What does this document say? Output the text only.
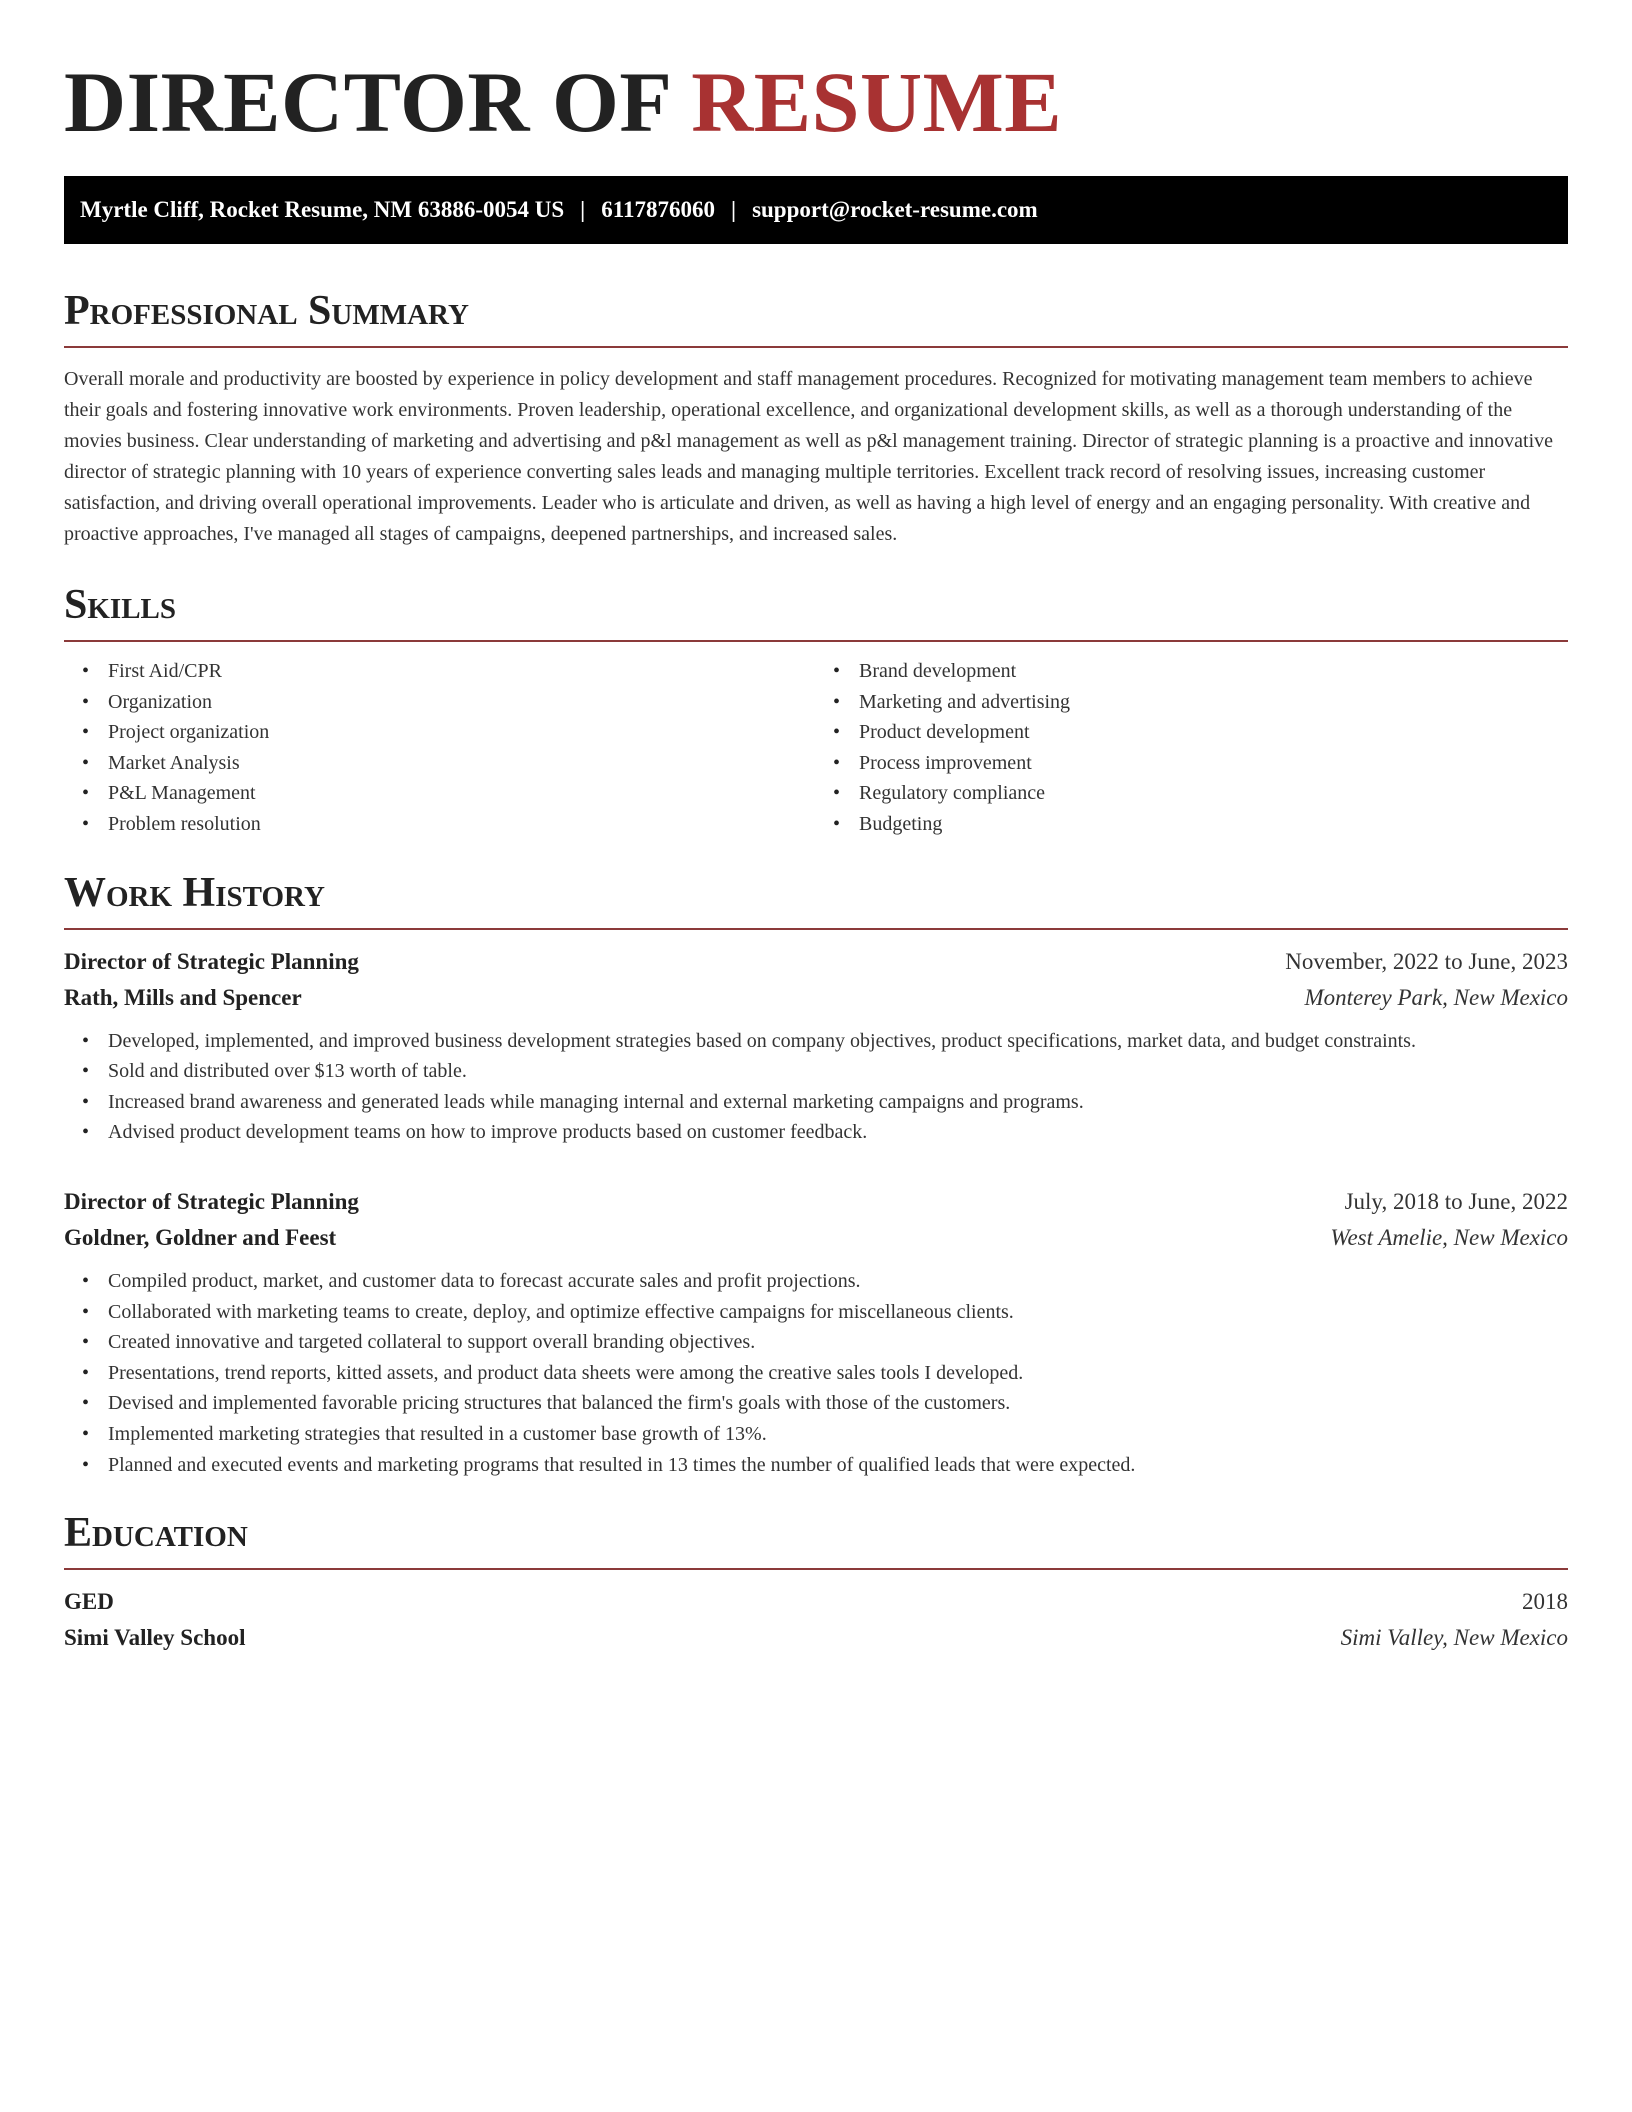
DIRECTOR OF RESUME
Myrtle Cliff, Rocket Resume, NM 63886-0054 US | 6117876060 | support@rocket-resume.com
Professional Summary
Overall morale and productivity are boosted by experience in policy development and staff management procedures. Recognized for motivating management team members to achieve their goals and fostering innovative work environments. Proven leadership, operational excellence, and organizational development skills, as well as a thorough understanding of the movies business. Clear understanding of marketing and advertising and p&l management as well as p&l management training. Director of strategic planning is a proactive and innovative director of strategic planning with 10 years of experience converting sales leads and managing multiple territories. Excellent track record of resolving issues, increasing customer satisfaction, and driving overall operational improvements. Leader who is articulate and driven, as well as having a high level of energy and an engaging personality. With creative and proactive approaches, I've managed all stages of campaigns, deepened partnerships, and increased sales.
Skills
• First Aid/CPR
• Organization
• Project organization
• Market Analysis
• P&L Management
• Problem resolution
• Brand development
• Marketing and advertising
• Product development
• Process improvement
• Regulatory compliance
• Budgeting
Work History
Director of Strategic Planning	November, 2022 to June, 2023
Rath, Mills and Spencer	Monterey Park, New Mexico
• Developed, implemented, and improved business development strategies based on company objectives, product specifications, market data, and budget constraints.
• Sold and distributed over $13 worth of table.
• Increased brand awareness and generated leads while managing internal and external marketing campaigns and programs.
• Advised product development teams on how to improve products based on customer feedback.
Director of Strategic Planning	July, 2018 to June, 2022
Goldner, Goldner and Feest	West Amelie, New Mexico
• Compiled product, market, and customer data to forecast accurate sales and profit projections.
• Collaborated with marketing teams to create, deploy, and optimize effective campaigns for miscellaneous clients.
• Created innovative and targeted collateral to support overall branding objectives.
• Presentations, trend reports, kitted assets, and product data sheets were among the creative sales tools I developed.
• Devised and implemented favorable pricing structures that balanced the firm's goals with those of the customers.
• Implemented marketing strategies that resulted in a customer base growth of 13%.
• Planned and executed events and marketing programs that resulted in 13 times the number of qualified leads that were expected.
Education
GED	2018
Simi Valley School	Simi Valley, New Mexico
